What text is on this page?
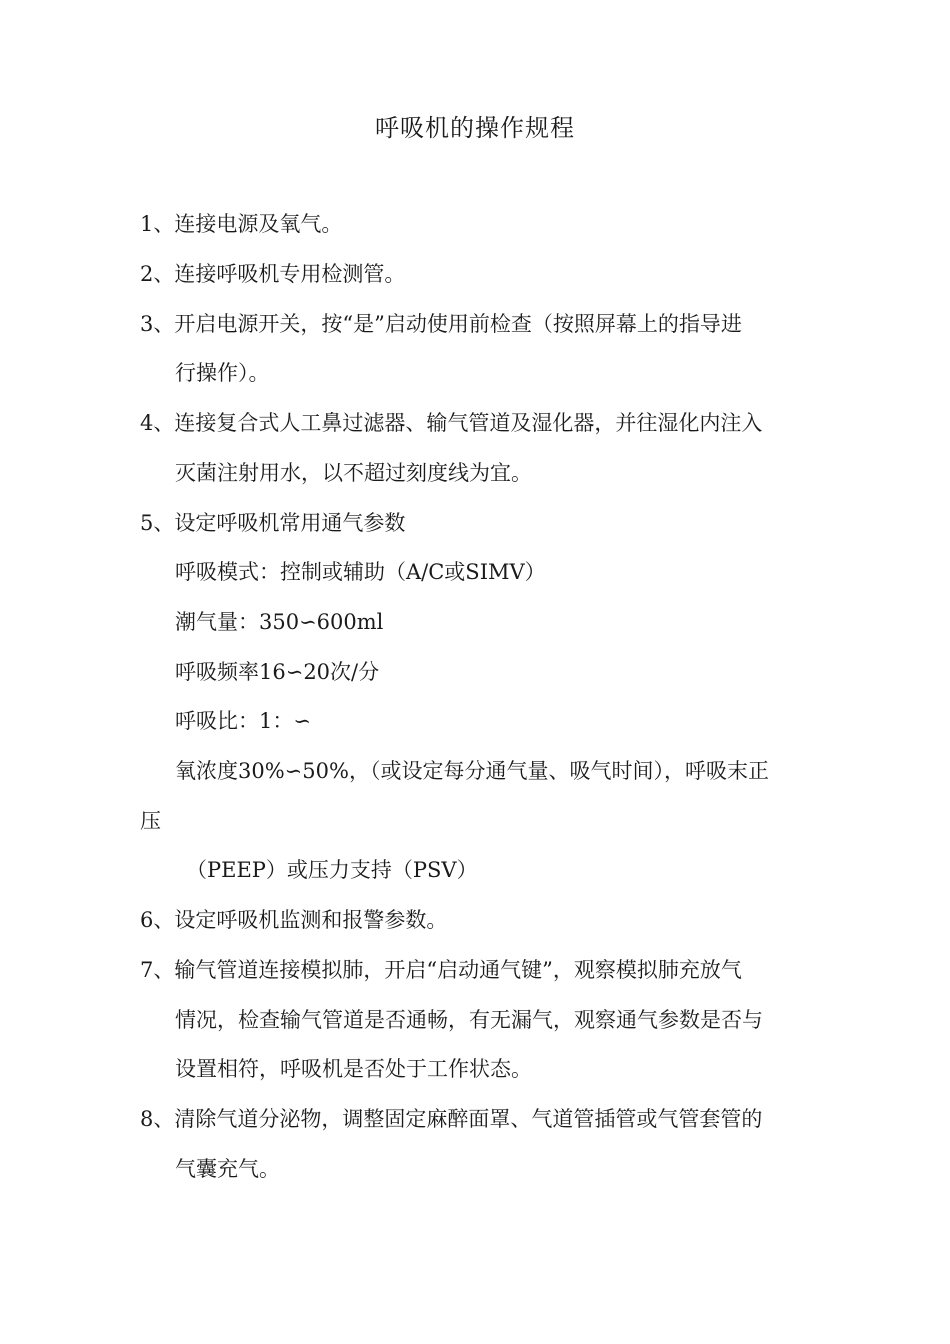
呼吸机的操作规程
1、连接电源及氧气。
2、连接呼吸机专用检测管。
3、开启电源开关，按“是”启动使用前检查（按照屏幕上的指导进
行操作）。
4、连接复合式人工鼻过滤器、输气管道及湿化器，并往湿化内注入
灭菌注射用水，以不超过刻度线为宜。
5、设定呼吸机常用通气参数
呼吸模式：控制或辅助（A/C或SIMV）
潮气量：350∽600ml
呼吸频率16∽20次/分
呼吸比：1：∽
氧浓度30%∽50%，（或设定每分通气量、吸气时间），呼吸末正
压
（PEEP）或压力支持（PSV）
6、设定呼吸机监测和报警参数。
7、输气管道连接模拟肺，开启“启动通气键”，观察模拟肺充放气
情况，检查输气管道是否通畅，有无漏气，观察通气参数是否与
设置相符，呼吸机是否处于工作状态。
8、清除气道分泌物，调整固定麻醉面罩、气道管插管或气管套管的
气囊充气。
